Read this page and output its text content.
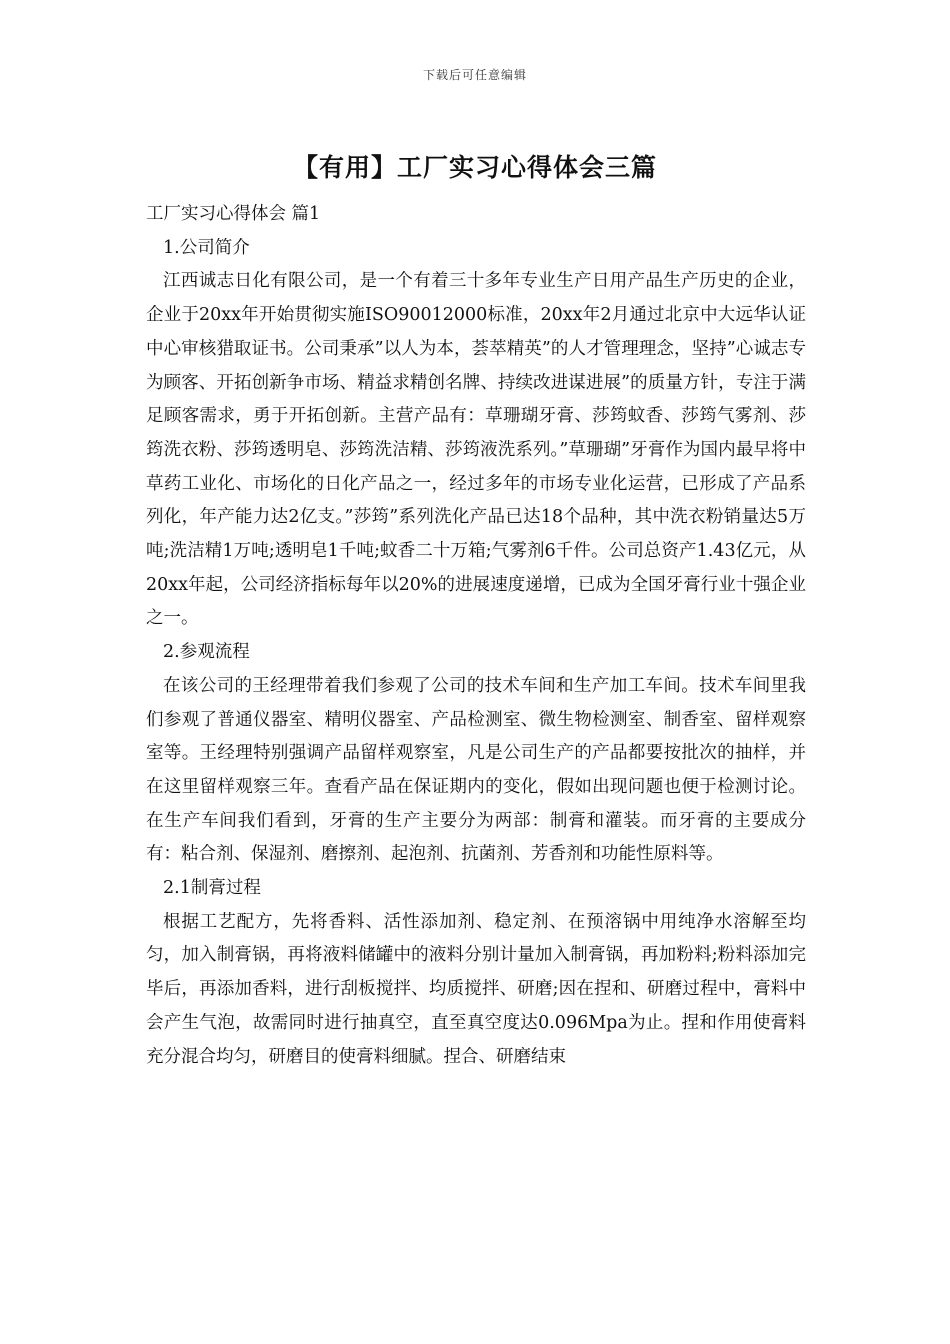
下载后可任意编辑
【有用】工厂实习心得体会三篇

工厂实习心得体会 篇1

1.公司简介

江西诚志日化有限公司，是一个有着三十多年专业生产日用产品生产历史的企业，企业于20xx年开始贯彻实施ISO90012000标准，20xx年2月通过北京中大远华认证中心审核猎取证书。公司秉承”以人为本，荟萃精英”的人才管理理念，坚持”心诚志专为顾客、开拓创新争市场、精益求精创名牌、持续改进谋进展”的质量方针，专注于满足顾客需求，勇于开拓创新。主营产品有：草珊瑚牙膏、莎筠蚊香、莎筠气雾剂、莎筠洗衣粉、莎筠透明皂、莎筠洗洁精、莎筠液洗系列。”草珊瑚”牙膏作为国内最早将中草药工业化、市场化的日化产品之一，经过多年的市场专业化运营，已形成了产品系列化，年产能力达2亿支。”莎筠”系列洗化产品已达18个品种，其中洗衣粉销量达5万吨;洗洁精1万吨;透明皂1千吨;蚊香二十万箱;气雾剂6千件。公司总资产1.43亿元，从20xx年起，公司经济指标每年以20%的进展速度递增，已成为全国牙膏行业十强企业之一。

2.参观流程

在该公司的王经理带着我们参观了公司的技术车间和生产加工车间。技术车间里我们参观了普通仪器室、精明仪器室、产品检测室、微生物检测室、制香室、留样观察室等。王经理特别强调产品留样观察室，凡是公司生产的产品都要按批次的抽样，并在这里留样观察三年。查看产品在保证期内的变化，假如出现问题也便于检测讨论。在生产车间我们看到，牙膏的生产主要分为两部：制膏和灌装。而牙膏的主要成分有：粘合剂、保湿剂、磨擦剂、起泡剂、抗菌剂、芳香剂和功能性原料等。

2.1制膏过程

根据工艺配方，先将香料、活性添加剂、稳定剂、在预溶锅中用纯净水溶解至均匀，加入制膏锅，再将液料储罐中的液料分别计量加入制膏锅，再加粉料;粉料添加完毕后，再添加香料，进行刮板搅拌、均质搅拌、研磨;因在捏和、研磨过程中，膏料中会产生气泡，故需同时进行抽真空，直至真空度达0.096Mpa为止。捏和作用使膏料充分混合均匀，研磨目的使膏料细腻。捏合、研磨结束
